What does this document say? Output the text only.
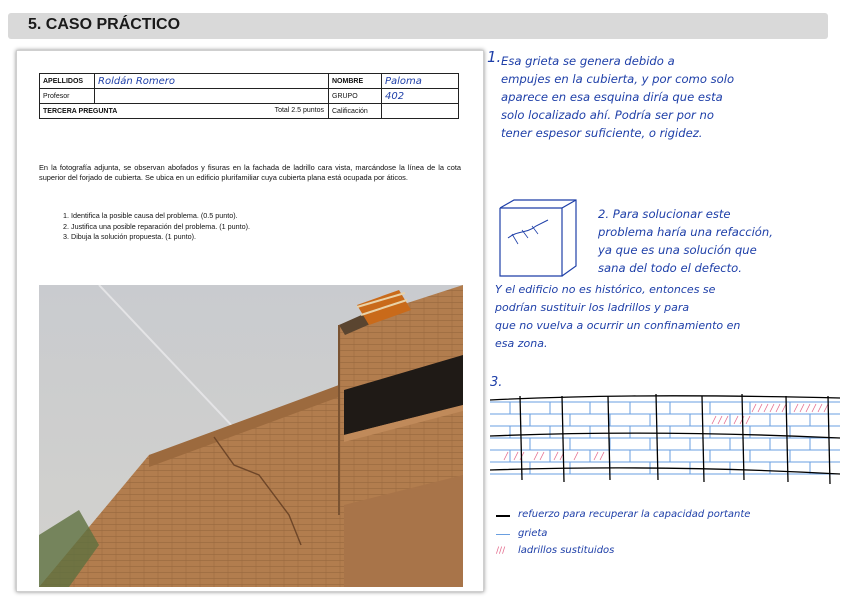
5. CASO PRÁCTICO
APELLIDOS	Roldán Romero	NOMBRE	Paloma
Profesor		GRUPO	402
TERCERA PREGUNTA Total 2.5 puntos		Calificación	
En la fotografía adjunta, se observan abofados y fisuras en la fachada de ladrillo cara vista, marcándose la línea de la cota superior del forjado de cubierta. Se ubica en un edificio plurifamiliar cuya cubierta plana está ocupada por áticos.
1. Identifica la posible causa del problema. (0.5 punto).
2. Justifica una posible reparación del problema. (1 punto).
3. Dibuja la solución propuesta. (1 punto).
1. Esa grieta se genera debido a
empujes en la cubierta, y por como solo
aparece en esa esquina diría que esta
solo localizado ahí. Podría ser por no
tener espesor suficiente, o rigidez.
2. Para solucionar este
problema haría una refacción,
ya que es una solución que
sana del todo el defecto.
Y el edificio no es histórico, entonces se
podrían sustituir los ladrillos y para
que no vuelva a ocurrir un confinamiento en
esa zona.
3.
refuerzo para recuperar la capacidad portante
grieta
///	ladrillos sustituidos
